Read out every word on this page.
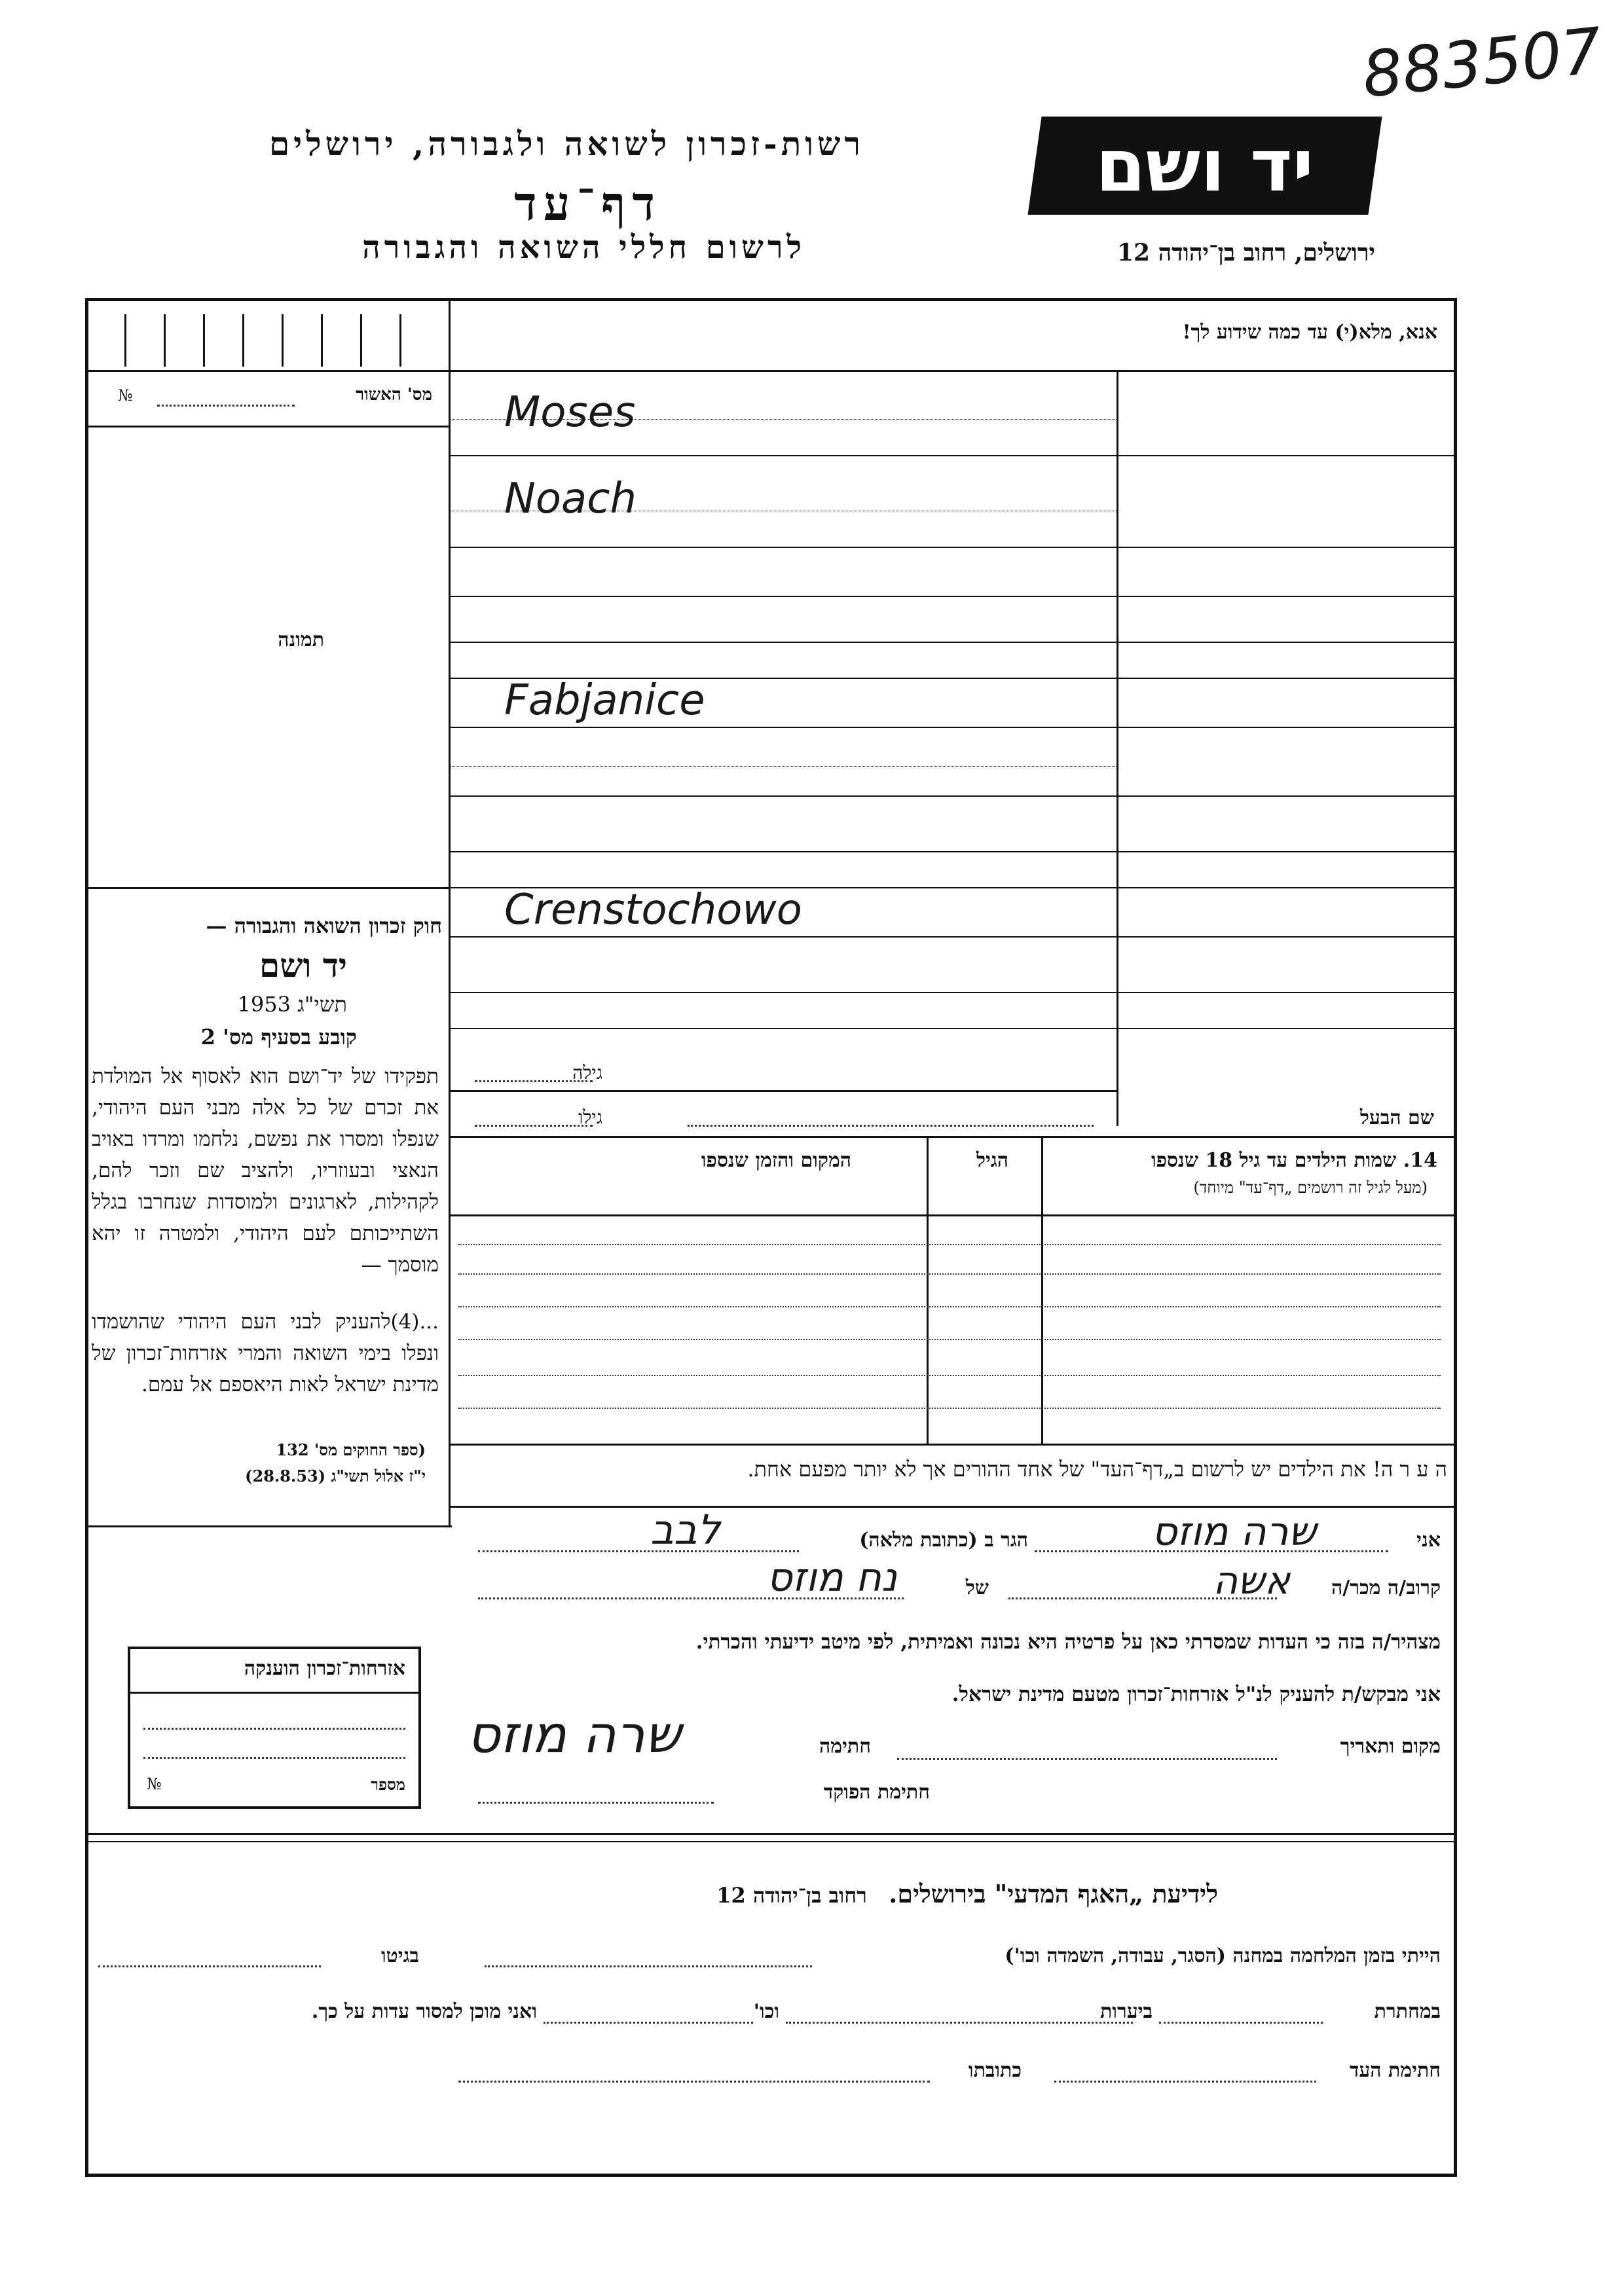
883507
רשות-זכרון לשואה ולגבורה, ירושלים
דף־עד
לרשום חללי השואה והגבורה
יד ושם
ירושלים, רחוב בן־יהודה 12
אנא, מלא(י) עד כמה שידוע לך!
מס' האשור
№
תמונה
Moses
Noach
Fabjanice
Crenstochowo
חוק זכרון השואה והגבורה —
יד ושם
תשי"ג 1953
קובע בסעיף מס' 2
תפקידו של יד־ושם הוא לאסוף אל המולדת את זכרם של כל אלה מבני העם היהודי, שנפלו ומסרו את נפשם, נלחמו ומרדו באויב הנאצי ובעוזריו, ולהציב שם וזכר להם, לקהילות, לארגונים ולמוסדות שנחרבו בגלל השתייכותם לעם היהודי, ולמטרה זו יהא מוסמך —
...(4)להעניק לבני העם היהודי שהושמדו ונפלו בימי השואה והמרי אזרחות־זכרון של מדינת ישראל לאות היאספם אל עמם.
(ספר החוקים מס' 132
י"ז אלול תשי"ג (28.8.53)
גילה
גילו	שם הבעל
14. שמות הילדים עד גיל 18 שנספו
(מעל לגיל זה רושמים „דף־עד" מיוחד)
הגיל
המקום והזמן שנספו
ה ע ר ה! את הילדים יש לרשום ב„דף־העד" של אחד ההורים אך לא יותר מפעם אחת.
אני
שרה מוזס
הגר ב (כתובת מלאה)
לבב
קרוב/ה מכר/ה
אשה
של
נח מוזס
מצהיר/ה בזה כי העדות שמסרתי כאן על פרטיה היא נכונה ואמיתית, לפי מיטב ידיעתי והכרתי.
אני מבקש/ת להעניק לנ"ל אזרחות־זכרון מטעם מדינת ישראל.
מקום ותאריך
חתימה
שרה מוזס
חתימת הפוקד
אזרחות־זכרון הוענקה
מספר
№
לידיעת „האגף המדעי" בירושלים. רחוב בן־יהודה 12
הייתי בזמן המלחמה במחנה (הסגר, עבודה, השמדה וכו')
בגיטו
במחתרת
ביערות
וכו'
ואני מוכן למסור עדות על כך.
חתימת העד
כתובתו
